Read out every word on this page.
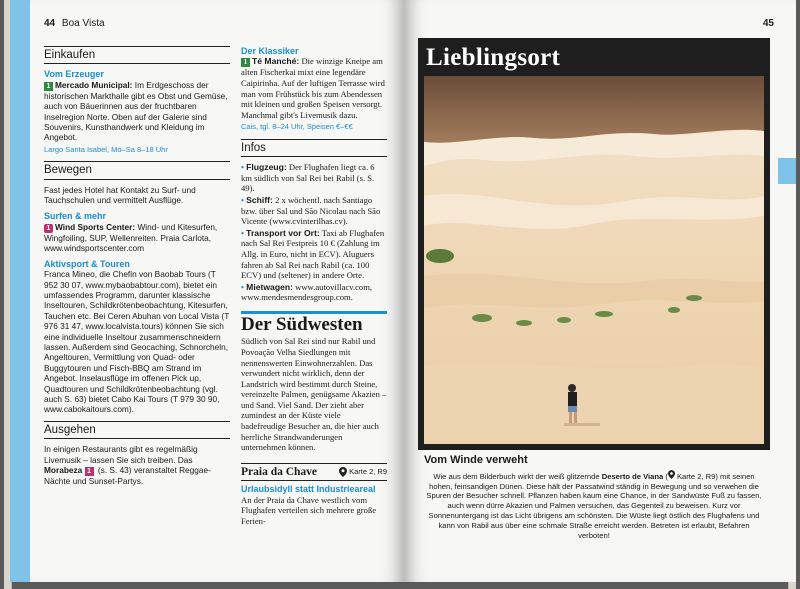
44 Boa Vista
Einkaufen
Vom Erzeuger

1 Mercado Municipal: Im Erdgeschoss der historischen Markthalle gibt es Obst und Gemüse, auch von Bäuerinnen aus der fruchtbaren Inselregion Norte. Oben auf der Galerie sind Souvenirs, Kunsthandwerk und Kleidung im Angebot.

Largo Santa Isabel, Mo–Sa 8–18 Uhr
Bewegen

Fast jedes Hotel hat Kontakt zu Surf- und Tauchschulen und vermittelt Ausflüge.

Surfen & mehr

1 Wind Sports Center: Wind- und Kitesurfen, Wingfoiling, SUP, Wellenreiten. Praia Carlota, www.windsportscenter.com

Aktivsport & Touren

Franca Mineo, die Chefin von Baobab Tours (T 952 30 07, www.mybaobabtour.com), bietet ein umfassendes Programm, darunter klassische Inseltouren, Schildkrötenbeobachtung, Kitesurfen, Tauchen etc. Bei Ceren Abuhan von Local Vista (T 976 31 47, www.localvista.tours) können Sie sich eine individuelle Inseltour zusammenschneidern lassen. Außerdem sind Geocaching, Schnorcheln, Angeltouren, Vermittlung von Quad- oder Buggytouren und Fisch-BBQ am Strand im Angebot. Inselausflüge im offenen Pick up, Quadtouren und Schildkrötenbeobachtung (vgl. auch S. 63) bietet Cabo Kai Tours (T 979 30 90, www.cabokaitours.com).

Ausgehen

In einigen Restaurants gibt es regelmäßig Livemusik – lassen Sie sich treiben. Das Morabeza 1 (s. S. 43) veranstaltet Reggae-Nächte und Sunset-Partys.

Der Klassiker

1 Té Manché: Die winzige Kneipe am alten Fischerkai mixt eine legendäre Caipirinha. Auf der luftigen Terrasse wird man vom Frühstück bis zum Abendessen mit kleinen und großen Speisen versorgt. Manchmal gibt's Livemusik dazu.

Cais, tgl. 8–24 Uhr, Speisen €–€€
Infos
• Flugzeug: Der Flughafen liegt ca. 6 km südlich von Sal Rei bei Rabil (s. S. 49).
• Schiff: 2 x wöchentl. nach Santiago bzw. über Sal und São Nicolau nach São Vicente (www.cvinterilhas.cv).
• Transport vor Ort: Taxi ab Flughafen nach Sal Rei Festpreis 10 € (Zahlung im Allg. in Euro, nicht in ECV). Aluguers fahren ab Sal Rei nach Rabil (ca. 100 ECV) und (seltener) in andere Orte.
• Mietwagen: www.autovillacv.com, www.mendesmendesgroup.com.
Der Südwesten

Südlich von Sal Rei sind nur Rabil und Povoação Velha Siedlungen mit nennenswerten Einwohnerzahlen. Das verwundert nicht wirklich, denn der Landstrich wird bestimmt durch Steine, vereinzelte Palmen, genügsame Akazien – und Sand. Viel Sand. Der zieht aber zumindest an der Küste viele badefreudige Besucher an, die hier auch herrliche Strandwanderungen unternehmen können.

Praia da Chave	Karte 2, R9
Urlaubsidyll statt Industrieareal

An der Praia da Chave westlich vom Flughafen verteilen sich mehrere große Ferien-

45
Lieblingsort
Vom Winde verweht
Wie aus dem Bilderbuch wirkt der weiß glitzernde Deserto de Viana ( Karte 2, R9) mit seinen hohen, feinsandigen Dünen. Diese hält der Passatwind ständig in Bewegung und so verwehen die Spuren der Besucher schnell. Pflanzen haben kaum eine Chance, in der Sandwüste Fuß zu fassen, auch wenn dürre Akazien und Palmen versuchen, das Gegenteil zu beweisen. Kurz vor Sonnenuntergang ist das Licht übrigens am schönsten. Die Wüste liegt östlich des Flughafens und kann von Rabil aus über eine schmale Straße erreicht werden. Betreten ist erlaubt, Befahren verboten!
